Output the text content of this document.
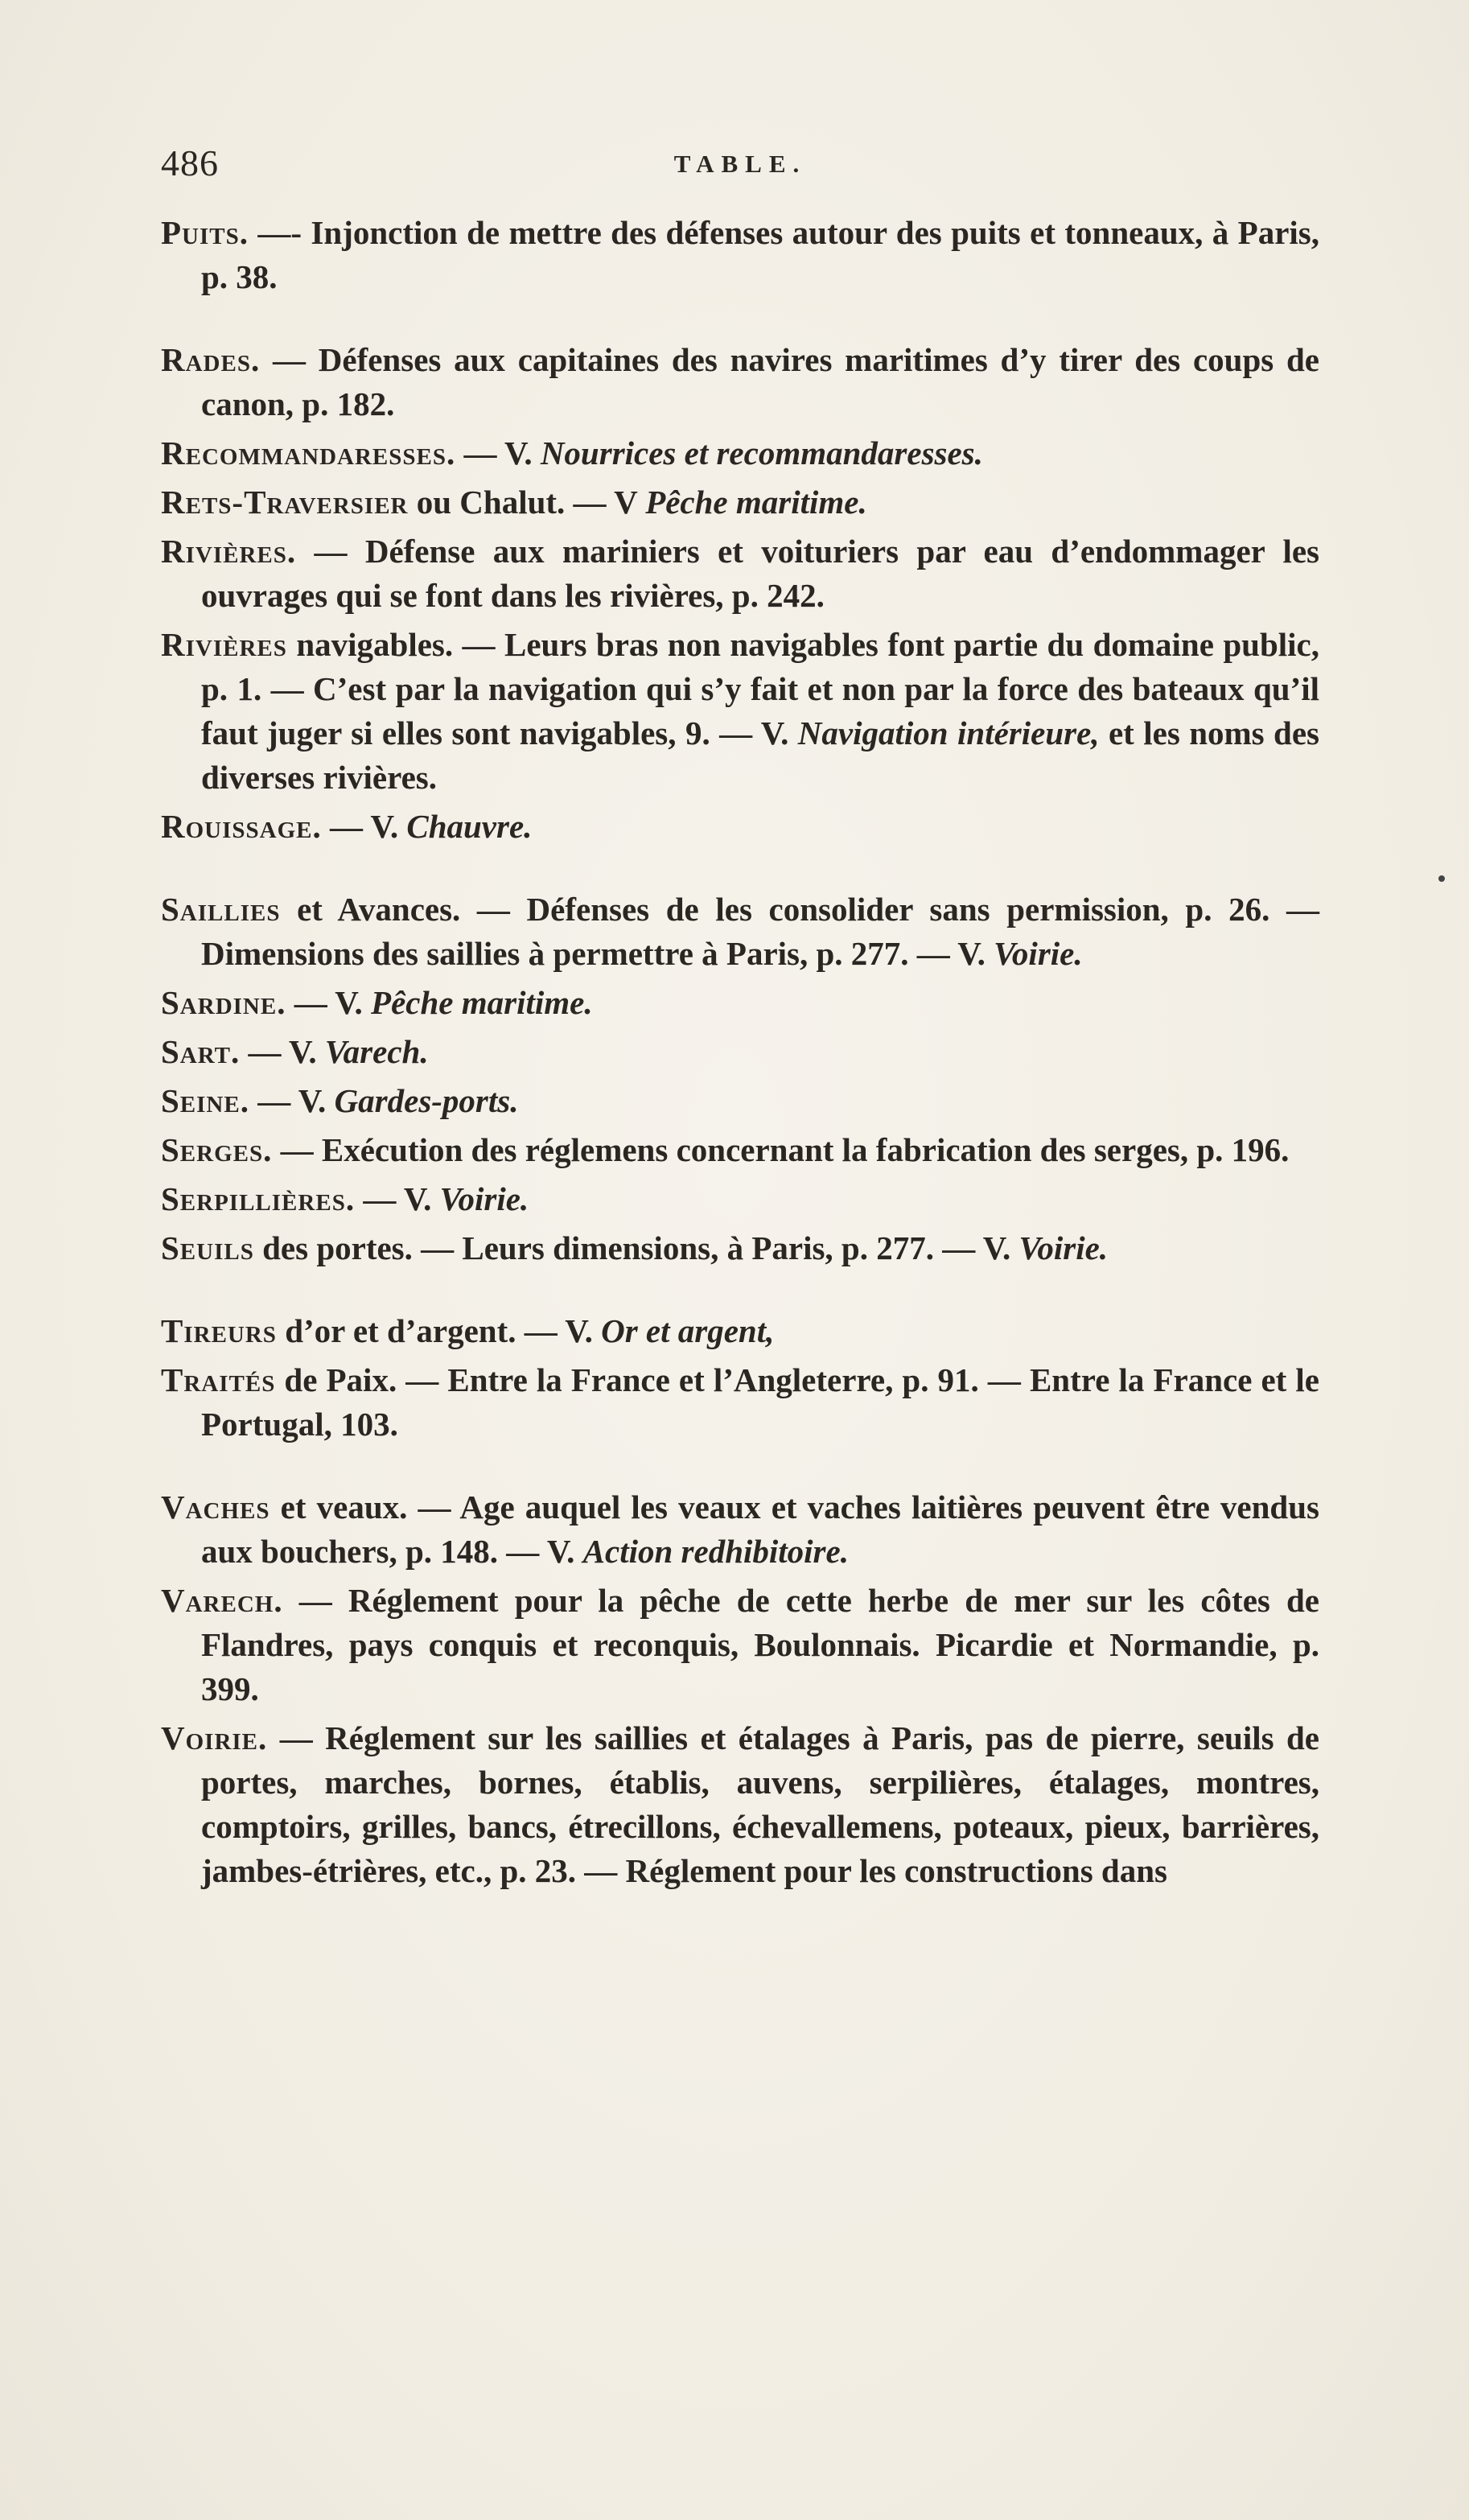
486	TABLE.

Puits. —- Injonction de mettre des défenses autour des puits et tonneaux, à Paris, p. 38.

Rades. — Défenses aux capitaines des navires maritimes d’y tirer des coups de canon, p. 182.

Recommandaresses. — V. Nourrices et recommandaresses.

Rets-Traversier ou Chalut. — V Pêche maritime.

Rivières. — Défense aux mariniers et voituriers par eau d’endommager les ouvrages qui se font dans les rivières, p. 242.

Rivières navigables. — Leurs bras non navigables font partie du domaine public, p. 1. — C’est par la navigation qui s’y fait et non par la force des bateaux qu’il faut juger si elles sont navigables, 9. — V. Navigation intérieure, et les noms des diverses rivières.

Rouissage. — V. Chauvre.

Saillies et Avances. — Défenses de les consolider sans permission, p. 26. — Dimensions des saillies à permettre à Paris, p. 277. — V. Voirie.

Sardine. — V. Pêche maritime.

Sart. — V. Varech.

Seine. — V. Gardes-ports.

Serges. — Exécution des réglemens concernant la fabrication des serges, p. 196.

Serpillières. — V. Voirie.

Seuils des portes. — Leurs dimensions, à Paris, p. 277. — V. Voirie.

Tireurs d’or et d’argent. — V. Or et argent,

Traités de Paix. — Entre la France et l’Angleterre, p. 91. — Entre la France et le Portugal, 103.

Vaches et veaux. — Age auquel les veaux et vaches laitières peuvent être vendus aux bouchers, p. 148. — V. Action redhibitoire.

Varech. — Réglement pour la pêche de cette herbe de mer sur les côtes de Flandres, pays conquis et reconquis, Boulonnais. Picardie et Normandie, p. 399.

Voirie. — Réglement sur les saillies et étalages à Paris, pas de pierre, seuils de portes, marches, bornes, établis, auvens, serpilières, étalages, montres, comptoirs, grilles, bancs, étrecillons, échevallemens, poteaux, pieux, barrières, jambes-étrières, etc., p. 23. — Réglement pour les constructions dans
